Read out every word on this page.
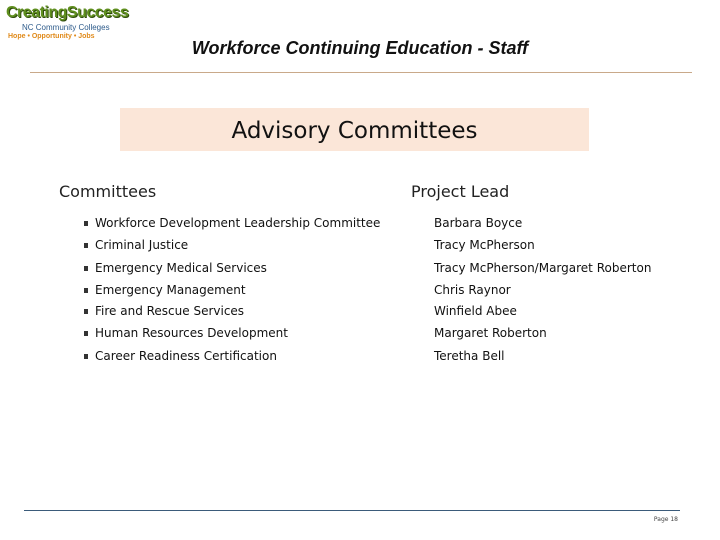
CreatingSuccess
NC Community Colleges
Hope • Opportunity • Jobs
Workforce Continuing Education - Staff
Advisory Committees
Committees	Project Lead
Workforce Development Leadership Committee	Barbara Boyce
Criminal Justice	Tracy McPherson
Emergency Medical Services	Tracy McPherson/Margaret Roberton
Emergency Management	Chris Raynor
Fire and Rescue Services	Winfield Abee
Human Resources Development	Margaret Roberton
Career Readiness Certification	Teretha Bell
Page 18
